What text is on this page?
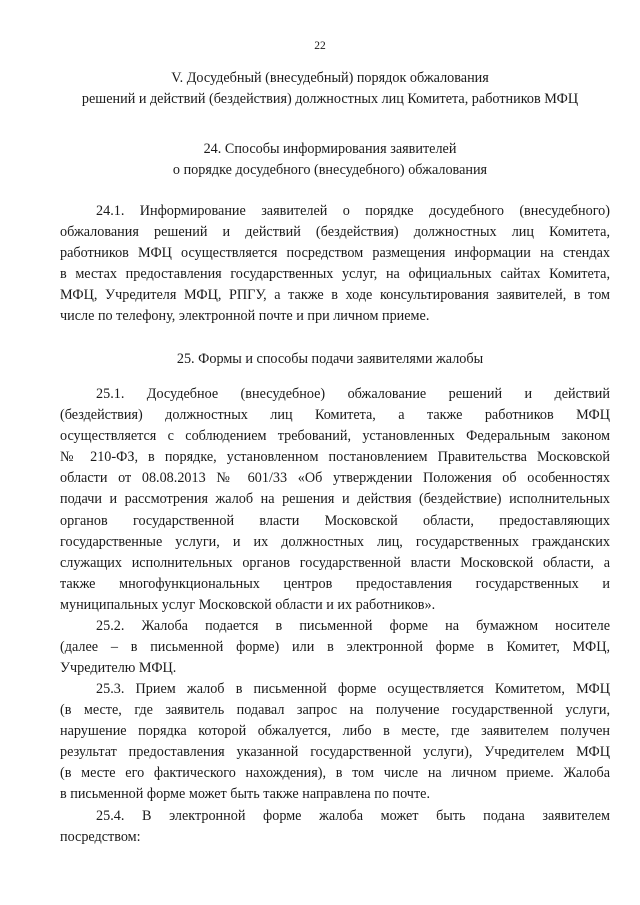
22
V. Досудебный (внесудебный) порядок обжалования
решений и действий (бездействия) должностных лиц Комитета, работников МФЦ
24. Способы информирования заявителей
о порядке досудебного (внесудебного) обжалования
24.1. Информирование заявителей о порядке досудебного (внесудебного)
обжалования решений и действий (бездействия) должностных лиц Комитета,
работников МФЦ осуществляется посредством размещения информации на стендах
в местах предоставления государственных услуг, на официальных сайтах Комитета,
МФЦ, Учредителя МФЦ, РПГУ, а также в ходе консультирования заявителей, в том
числе по телефону, электронной почте и при личном приеме.
25. Формы и способы подачи заявителями жалобы
25.1. Досудебное (внесудебное) обжалование решений и действий
(бездействия) должностных лиц Комитета, а также работников МФЦ
осуществляется с соблюдением требований, установленных Федеральным законом
№ 210-ФЗ, в порядке, установленном постановлением Правительства Московской
области от 08.08.2013 № 601/33 «Об утверждении Положения об особенностях
подачи и рассмотрения жалоб на решения и действия (бездействие) исполнительных
органов государственной власти Московской области, предоставляющих
государственные услуги, и их должностных лиц, государственных гражданских
служащих исполнительных органов государственной власти Московской области, а
также многофункциональных центров предоставления государственных и
муниципальных услуг Московской области и их работников».
25.2. Жалоба подается в письменной форме на бумажном носителе
(далее – в письменной форме) или в электронной форме в Комитет, МФЦ,
Учредителю МФЦ.
25.3. Прием жалоб в письменной форме осуществляется Комитетом, МФЦ
(в месте, где заявитель подавал запрос на получение государственной услуги,
нарушение порядка которой обжалуется, либо в месте, где заявителем получен
результат предоставления указанной государственной услуги), Учредителем МФЦ
(в месте его фактического нахождения), в том числе на личном приеме. Жалоба
в письменной форме может быть также направлена по почте.
25.4. В электронной форме жалоба может быть подана заявителем
посредством:
